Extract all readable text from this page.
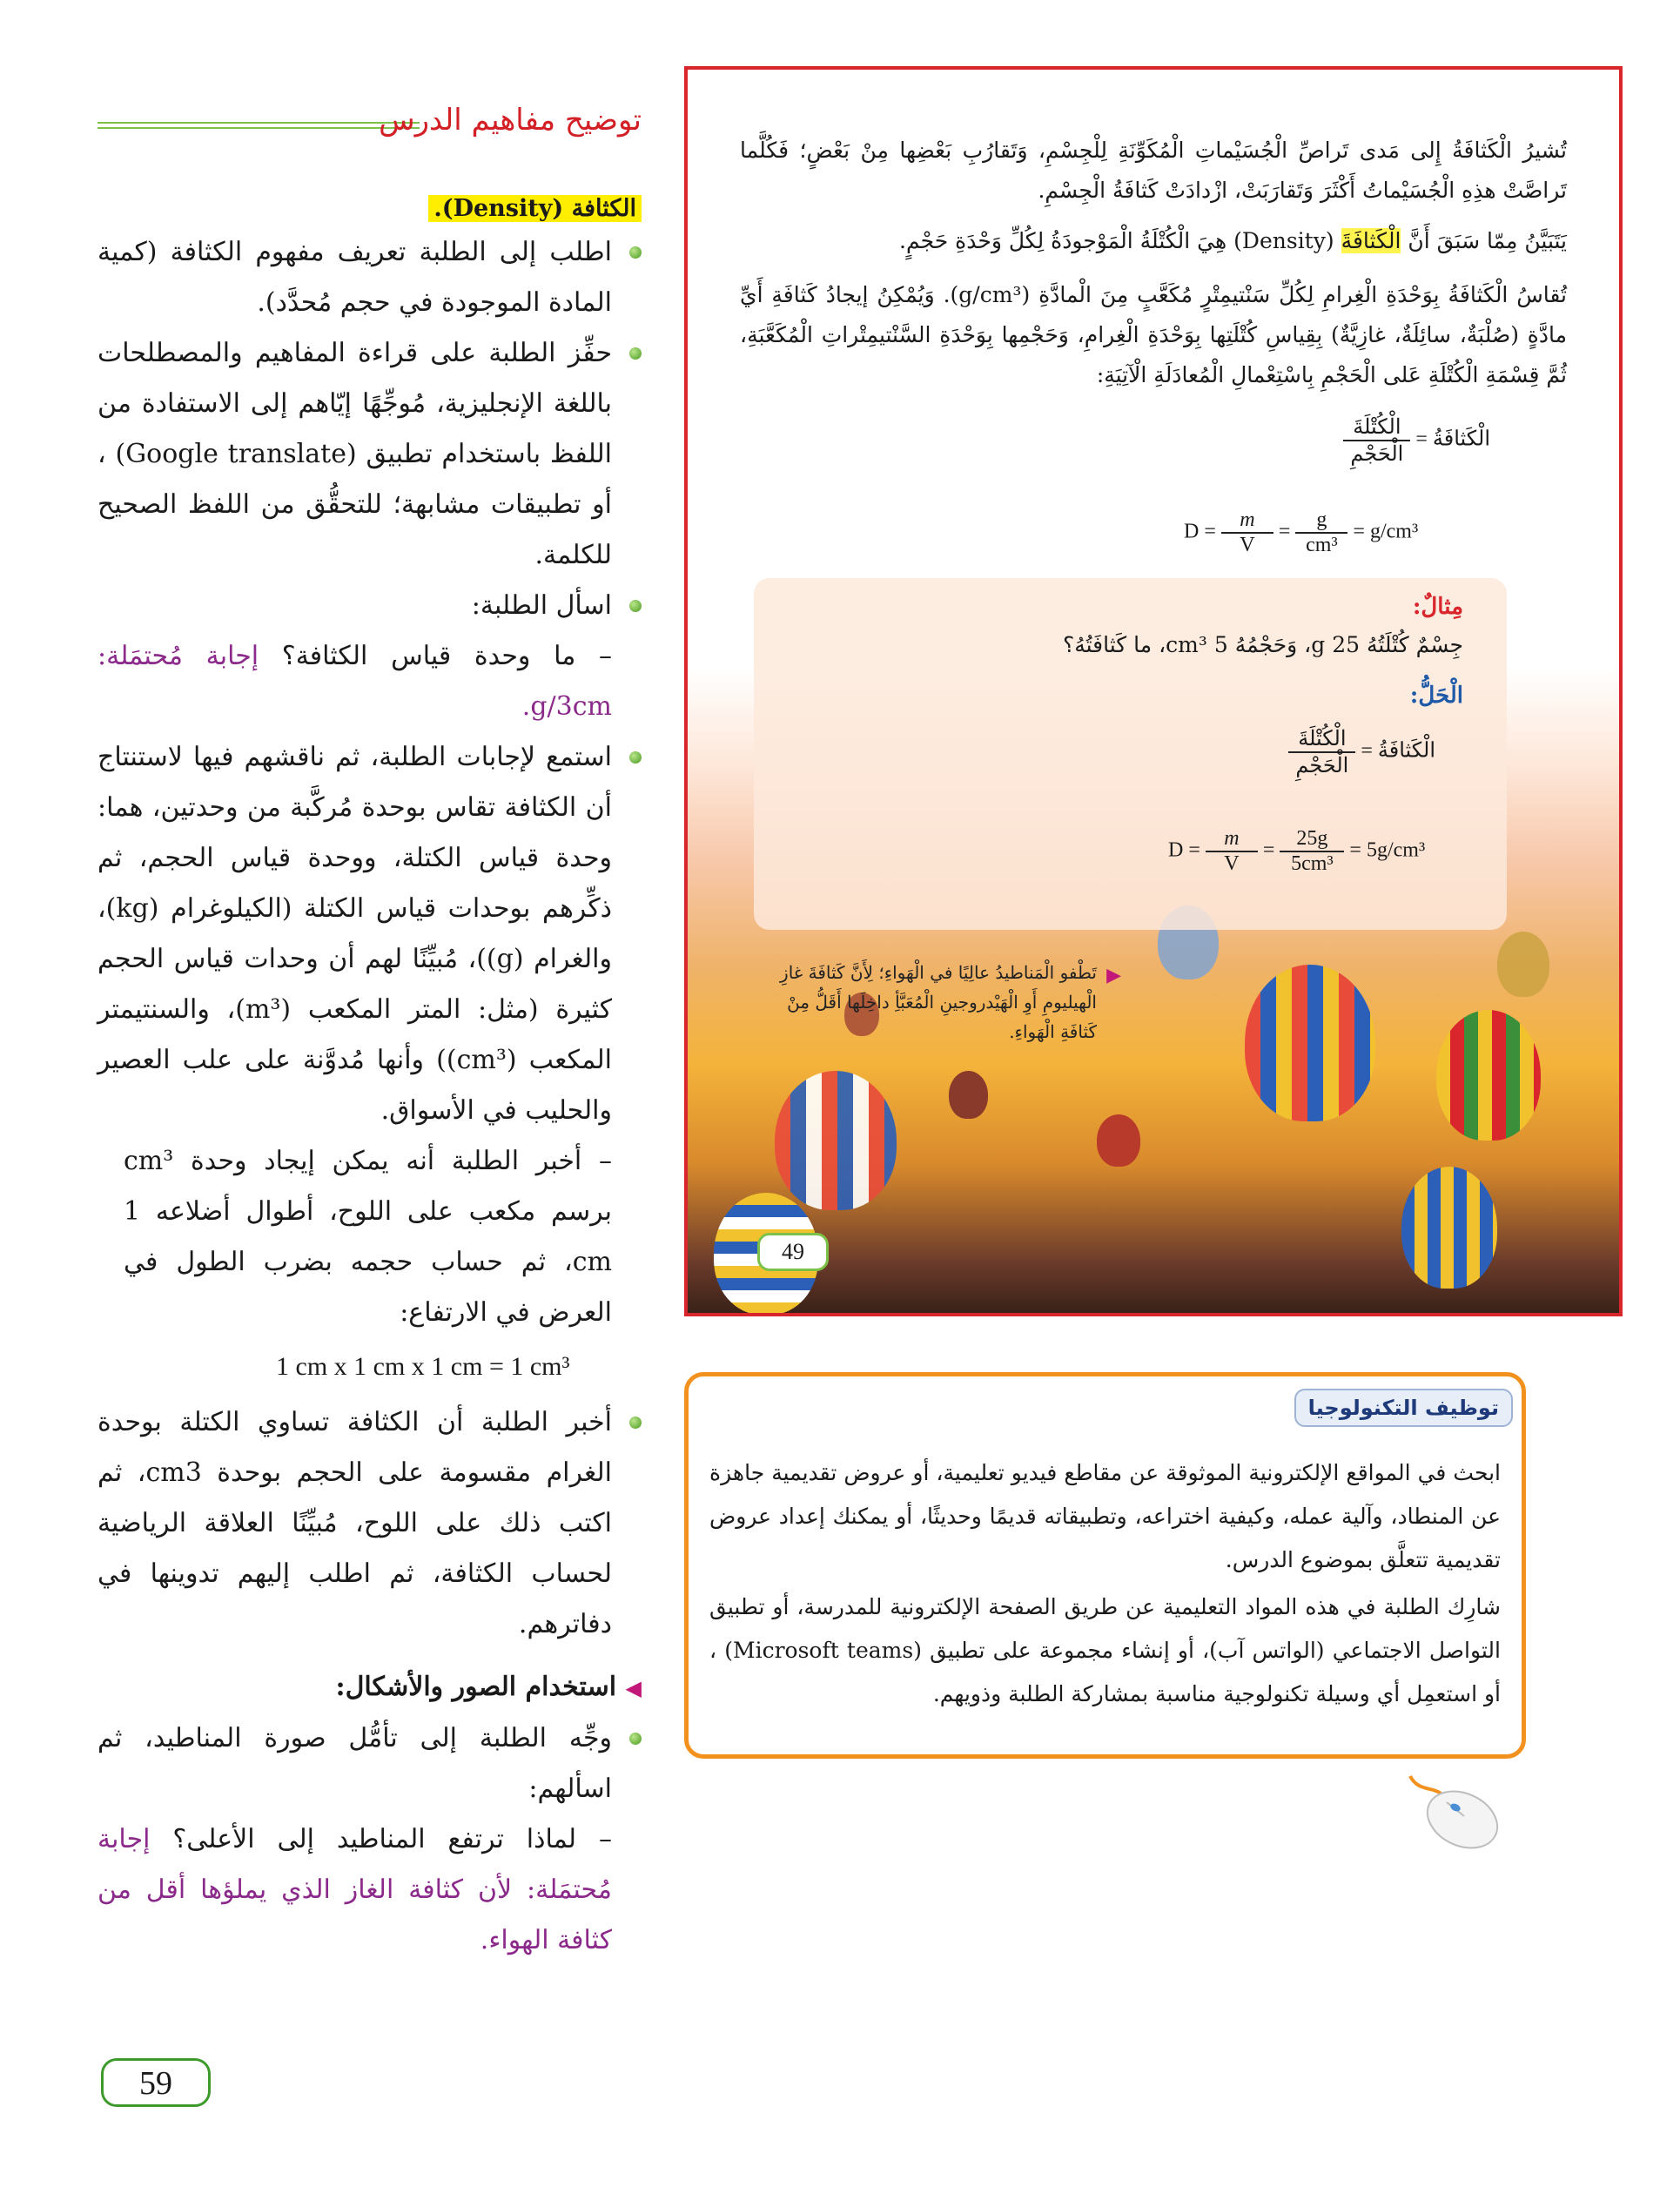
توضيح مفاهيم الدرس
الكثافة (Density).

اطلب إلى الطلبة تعريف مفهوم الكثافة (كمية المادة الموجودة في حجم مُحدَّد).

حفِّز الطلبة على قراءة المفاهيم والمصطلحات باللغة الإنجليزية، مُوجِّهًا إيّاهم إلى الاستفادة من اللفظ باستخدام تطبيق (Google translate) ، أو تطبيقات مشابهة؛ للتحقُّق من اللفظ الصحيح للكلمة.

اسأل الطلبة:

– ما وحدة قياس الكثافة؟ إجابة مُحتمَلة: g/3cm.

استمع لإجابات الطلبة، ثم ناقشهم فيها لاستنتاج أن الكثافة تقاس بوحدة مُركَّبة من وحدتين، هما: وحدة قياس الكتلة، ووحدة قياس الحجم، ثم ذكِّرهم بوحدات قياس الكتلة (الكيلوغرام (kg)، والغرام (g))، مُبيِّنًا لهم أن وحدات قياس الحجم كثيرة (مثل: المتر المكعب (m³)، والسنتيمتر المكعب (cm³)) وأنها مُدوَّنة على علب العصير والحليب في الأسواق.

– أخبر الطلبة أنه يمكن إيجاد وحدة cm³ برسم مكعب على اللوح، أطوال أضلاعه 1 cm، ثم حساب حجمه بضرب الطول في العرض في الارتفاع:

1 cm x 1 cm x 1 cm = 1 cm³

أخبر الطلبة أن الكثافة تساوي الكتلة بوحدة الغرام مقسومة على الحجم بوحدة cm3، ثم اكتب ذلك على اللوح، مُبيِّنًا العلاقة الرياضية لحساب الكثافة، ثم اطلب إليهم تدوينها في دفاترهم.

◀ استخدام الصور والأشكال:

وجِّه الطلبة إلى تأمُّل صورة المناطيد، ثم اسألهم:

– لماذا ترتفع المناطيد إلى الأعلى؟ إجابة مُحتمَلة: لأن كثافة الغاز الذي يملؤها أقل من كثافة الهواء.

59

تُشيرُ الْكَثافَةُ إِلى مَدى تَراصِّ الْجُسَيْماتِ الْمُكَوِّنَةِ لِلْجِسْمِ، وَتَقارُبِ بَعْضِها مِنْ بَعْضٍ؛ فَكُلَّما تَراصَّتْ هذِهِ الْجُسَيْماتُ أَكْثَرَ وَتَقارَبَتْ، ازْدادَتْ كَثافَةُ الْجِسْمِ.

يَتَبَيَّنُ مِمّا سَبَقَ أَنَّ الْكَثافَةَ (Density) هِيَ الْكُتْلَةُ الْمَوْجودَةُ لِكُلِّ وَحْدَةِ حَجْمٍ.

تُقاسُ الْكَثافَةُ بِوَحْدَةِ الْغِرامِ لِكُلِّ سَنْتيمِتْرٍ مُكَعَّبٍ مِنَ الْمادَّةِ (g/cm³). وَيُمْكِنُ إيجادُ كَثافَةِ أَيِّ مادَّةٍ (صُلْبَةٌ، سائِلَةٌ، غازِيَّةٌ) بِقِياسِ كُتْلَتِها بِوَحْدَةِ الْغِرامِ، وَحَجْمِها بِوَحْدَةِ السَّنْتيمِتْراتِ الْمُكَعَّبَةِ، ثُمَّ قِسْمَةِ الْكُتْلَةِ عَلى الْحَجْمِ بِاسْتِعْمالِ الْمُعادَلَةِ الْآتِيَةِ:

الْكَثافَةُ =
$\frac{\text{الْكُتْلَةَ}}{\text{الْحَجْمِ}}$
$D = \frac{m}{V} = \frac{g}{\text{cm³}} = g/cm^3$
مِثالٌ:
جِسْمٌ كُتْلَتُهُ 25 g، وَحَجْمُهُ 5 cm³، ما كَثافَتُهُ؟
الْحَلُّ:
الْكَثافَةُ =
$\frac{\text{الْكُتْلَةَ}}{\text{الْحَجْمِ}}$
$D = \frac{m}{V} = \frac{25g}{\text{5cm³}} = 5g/cm^3$
▶
تَطْفو الْمَناطيدُ عالِيًا في الْهَواءِ؛ لِأَنَّ كَثافَةَ غازِ الْهيليومِ أَوِ الْهَيْدروجينِ الْمُعَبَّأِ داخِلَها أَقَلُّ مِنْ كَثافَةِ الْهَواءِ.
49
توظيف التكنولوجيا

ابحث في المواقع الإلكترونية الموثوقة عن مقاطع فيديو تعليمية، أو عروض تقديمية جاهزة عن المنطاد، وآلية عمله، وكيفية اختراعه، وتطبيقاته قديمًا وحديثًا، أو يمكنك إعداد عروض تقديمية تتعلَّق بموضوع الدرس.

شارِك الطلبة في هذه المواد التعليمية عن طريق الصفحة الإلكترونية للمدرسة، أو تطبيق التواصل الاجتماعي (الواتس آب)، أو إنشاء مجموعة على تطبيق (Microsoft teams) ، أو استعمِل أي وسيلة تكنولوجية مناسبة بمشاركة الطلبة وذويهم.
